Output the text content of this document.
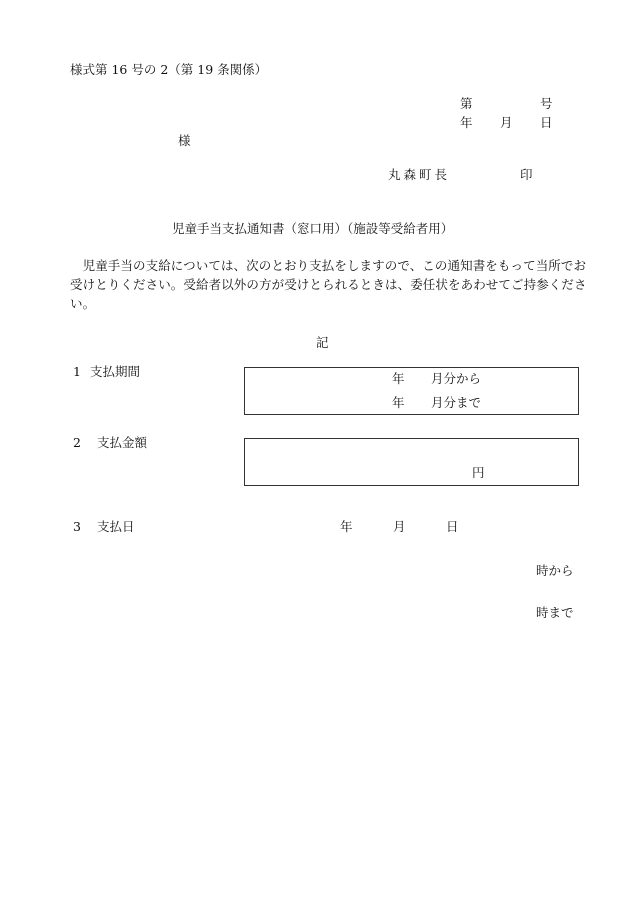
様式第 16 号の 2（第 19 条関係）
第	号
年 月 日
様
丸森町長	印
児童手当支払通知書（窓口用）（施設等受給者用）
　児童手当の支給については、次のとおり支払をしますので、この通知書をもって当所でお受けとりください。受給者以外の方が受けとられるときは、委任状をあわせてご持参ください。
記
1 支払期間	年 月分から
年 月分まで
2 支払金額
円
3 支払日	年	月	日
時から
時まで
